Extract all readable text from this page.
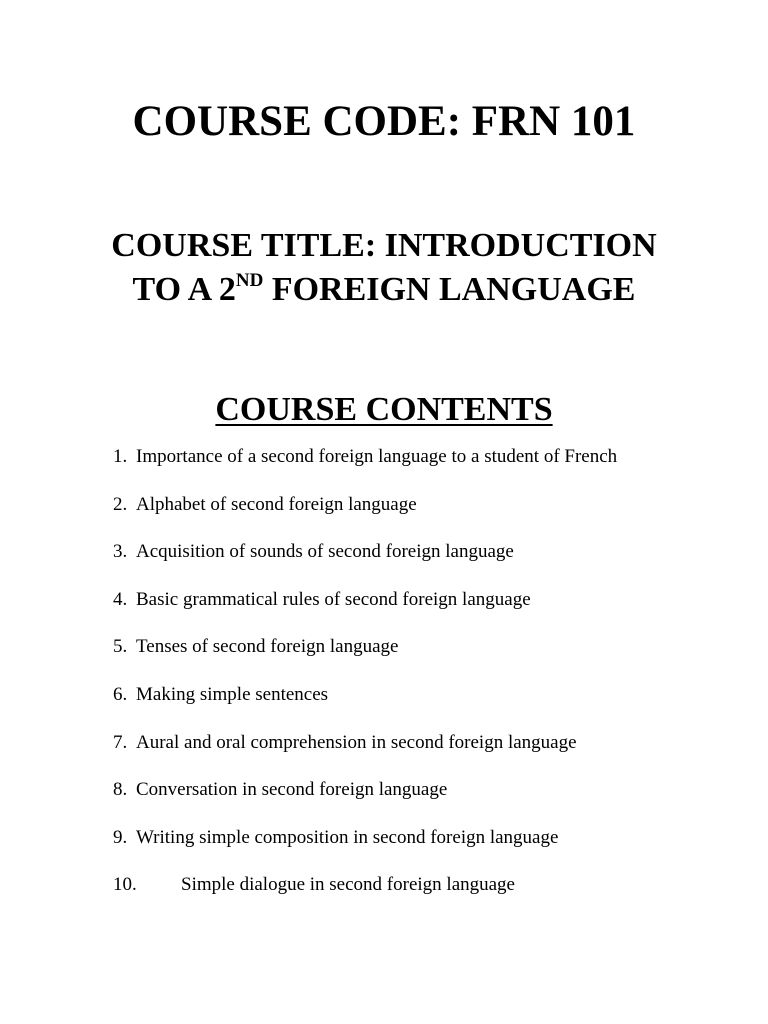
COURSE CODE: FRN 101
COURSE TITLE: INTRODUCTION
TO A 2ND FOREIGN LANGUAGE
COURSE CONTENTS
1. Importance of a second foreign language to a student of French
2. Alphabet of second foreign language
3. Acquisition of sounds of second foreign language
4. Basic grammatical rules of second foreign language
5. Tenses of second foreign language
6. Making simple sentences
7. Aural and oral comprehension in second foreign language
8. Conversation in second foreign language
9. Writing simple composition in second foreign language
10. Simple dialogue in second foreign language
